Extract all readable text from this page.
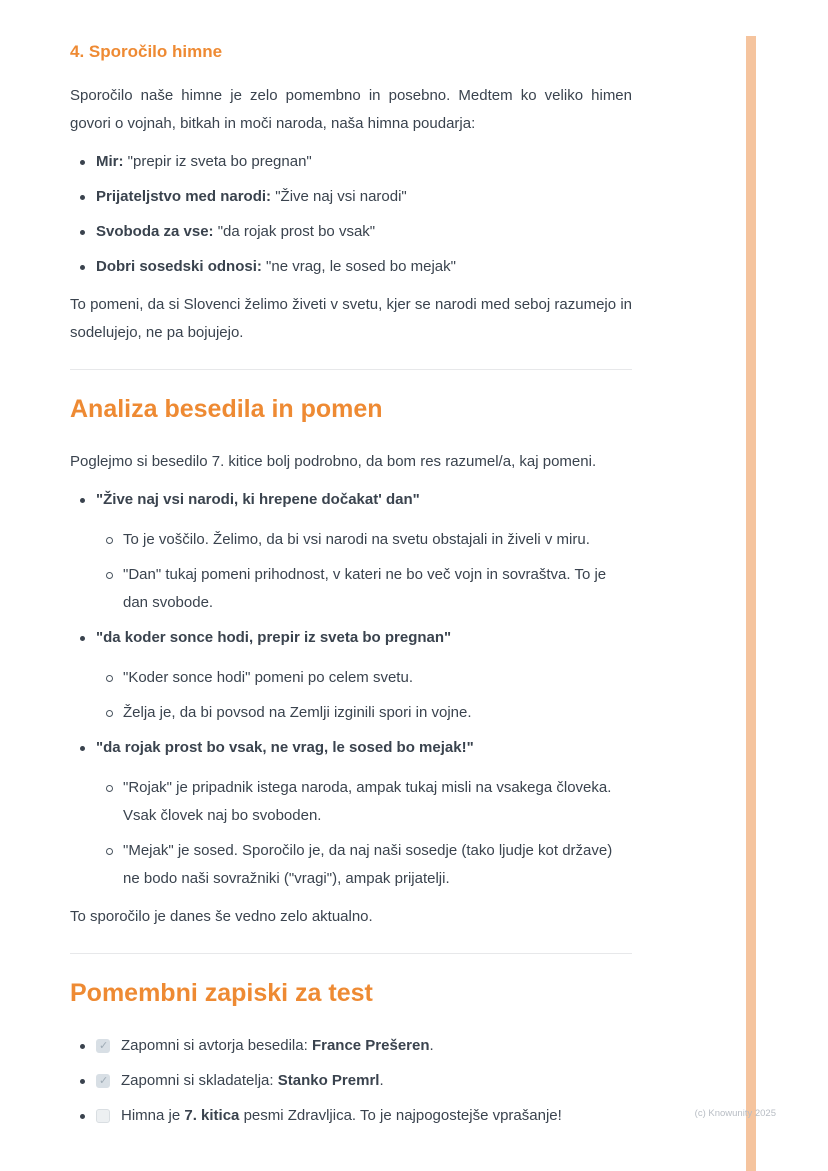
4. Sporočilo himne

Sporočilo naše himne je zelo pomembno in posebno. Medtem ko veliko himen govori o vojnah, bitkah in moči naroda, naša himna poudarja:

Mir: "prepir iz sveta bo pregnan"
Prijateljstvo med narodi: "Žive naj vsi narodi"
Svoboda za vse: "da rojak prost bo vsak"
Dobri sosedski odnosi: "ne vrag, le sosed bo mejak"

To pomeni, da si Slovenci želimo živeti v svetu, kjer se narodi med seboj razumejo in sodelujejo, ne pa bojujejo.

Analiza besedila in pomen

Poglejmo si besedilo 7. kitice bolj podrobno, da bom res razumel/a, kaj pomeni.

"Žive naj vsi narodi, ki hrepene dočakat' dan"
To je voščilo. Želimo, da bi vsi narodi na svetu obstajali in živeli v miru.
"Dan" tukaj pomeni prihodnost, v kateri ne bo več vojn in sovraštva. To je dan svobode.
"da koder sonce hodi, prepir iz sveta bo pregnan"
"Koder sonce hodi" pomeni po celem svetu.
Želja je, da bi povsod na Zemlji izginili spori in vojne.
"da rojak prost bo vsak, ne vrag, le sosed bo mejak!"
"Rojak" je pripadnik istega naroda, ampak tukaj misli na vsakega človeka. Vsak človek naj bo svoboden.
"Mejak" je sosed. Sporočilo je, da naj naši sosedje (tako ljudje kot države) ne bodo naši sovražniki ("vragi"), ampak prijatelji.

To sporočilo je danes še vedno zelo aktualno.

Pomembni zapiski za test
✓
Zapomni si avtorja besedila: France Prešeren.
✓
Zapomni si skladatelja: Stanko Premrl.
Himna je 7. kitica pesmi Zdravljica. To je najpogostejše vprašanje!	(c) Knowunity 2025
